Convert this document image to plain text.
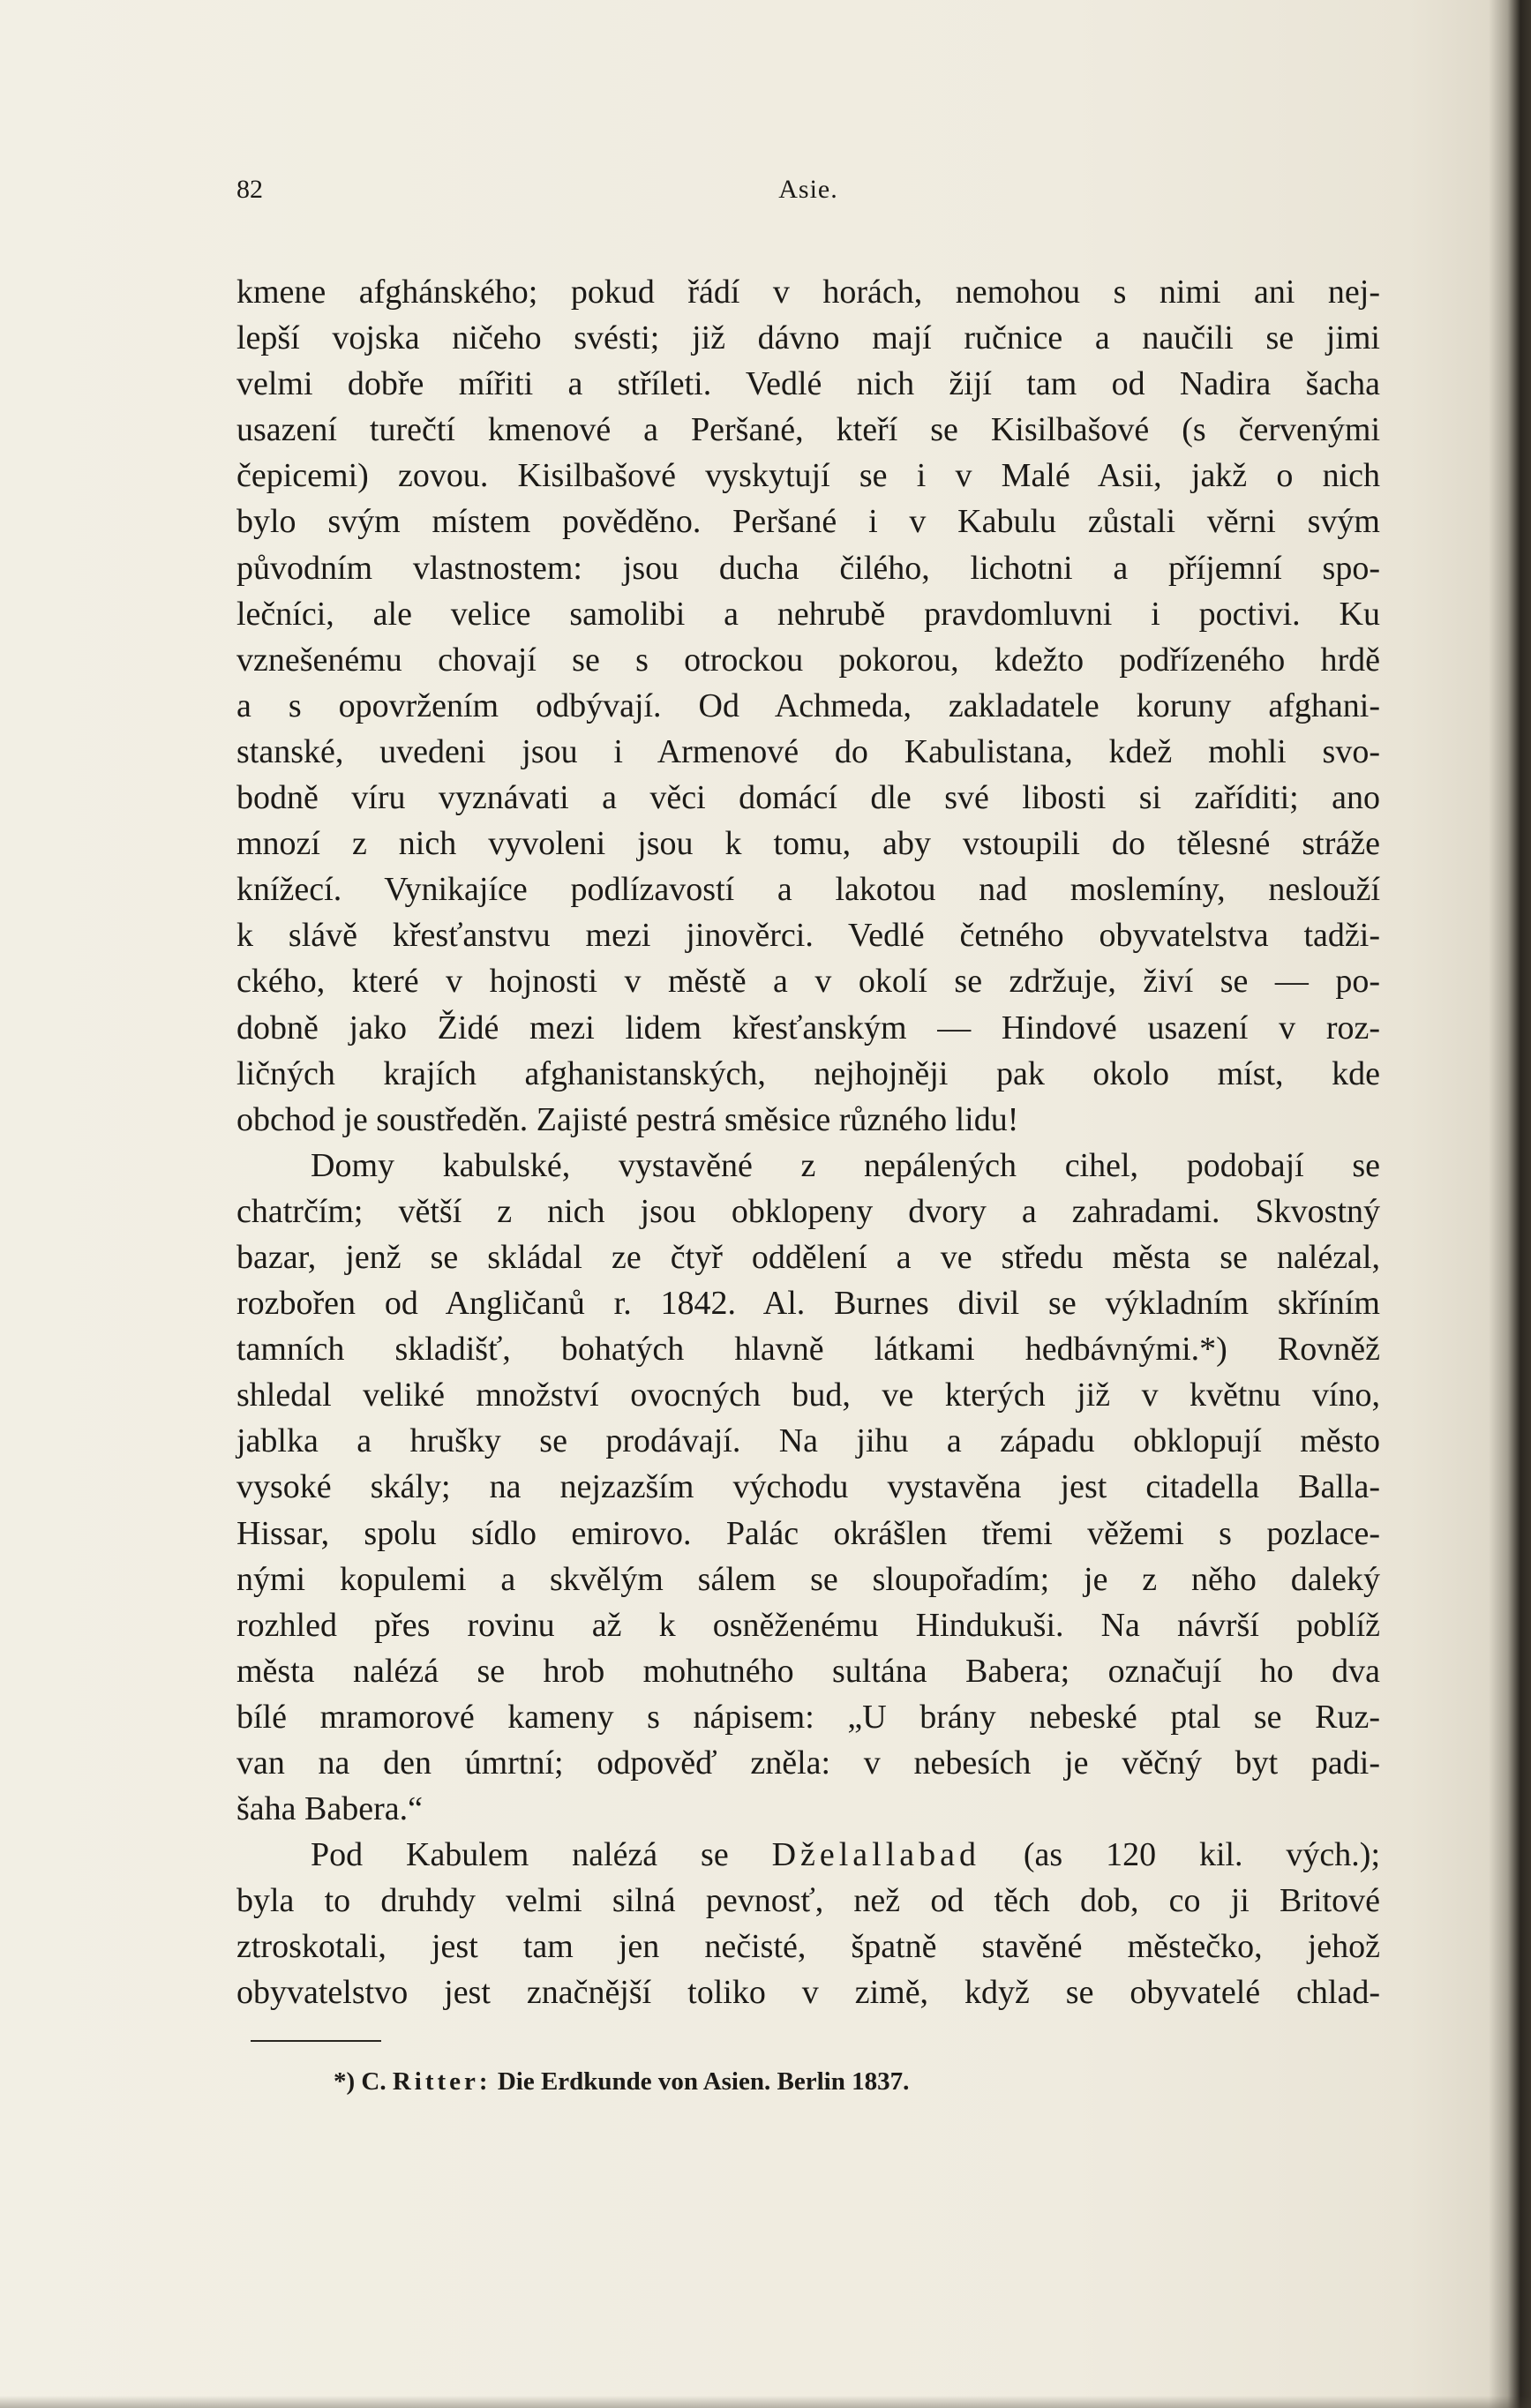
82	Asie.

kmene afghánského; pokud řádí v horách, nemohou s nimi ani nej-
lepší vojska ničeho svésti; již dávno mají ručnice a naučili se jimi
velmi dobře mířiti a stříleti. Vedlé nich žijí tam od Nadira šacha
usazení turečtí kmenové a Peršané, kteří se Kisilbašové (s červenými
čepicemi) zovou. Kisilbašové vyskytují se i v Malé Asii, jakž o nich
bylo svým místem pověděno. Peršané i v Kabulu zůstali věrni svým
původním vlastnostem: jsou ducha čilého, lichotni a příjemní spo-
lečníci, ale velice samolibi a nehrubě pravdomluvni i poctivi. Ku
vznešenému chovají se s otrockou pokorou, kdežto podřízeného hrdě
a s opovržením odbývají. Od Achmeda, zakladatele koruny afghani-
stanské, uvedeni jsou i Armenové do Kabulistana, kdež mohli svo-
bodně víru vyznávati a věci domácí dle své libosti si zaříditi; ano
mnozí z nich vyvoleni jsou k tomu, aby vstoupili do tělesné stráže
knížecí. Vynikajíce podlízavostí a lakotou nad moslemíny, neslouží
k slávě křesťanstvu mezi jinověrci. Vedlé četného obyvatelstva tadži-
ckého, které v hojnosti v městě a v okolí se zdržuje, živí se — po-
dobně jako Židé mezi lidem křesťanským — Hindové usazení v roz-
ličných krajích afghanistanských, nejhojněji pak okolo míst, kde
obchod je soustředěn. Zajisté pestrá směsice různého lidu!

Domy kabulské, vystavěné z nepálených cihel, podobají se
chatrčím; větší z nich jsou obklopeny dvory a zahradami. Skvostný
bazar, jenž se skládal ze čtyř oddělení a ve středu města se nalézal,
rozbořen od Angličanů r. 1842. Al. Burnes divil se výkladním skříním
tamních skladišť, bohatých hlavně látkami hedbávnými.*) Rovněž
shledal veliké množství ovocných bud, ve kterých již v květnu víno,
jablka a hrušky se prodávají. Na jihu a západu obklopují město
vysoké skály; na nejzazším východu vystavěna jest citadella Balla-
Hissar, spolu sídlo emirovo. Palác okrášlen třemi věžemi s pozlace-
nými kopulemi a skvělým sálem se sloupořadím; je z něho daleký
rozhled přes rovinu až k osněženému Hindukuši. Na návrší poblíž
města nalézá se hrob mohutného sultána Babera; označují ho dva
bílé mramorové kameny s nápisem: „U brány nebeské ptal se Ruz-
van na den úmrtní; odpověď zněla: v nebesích je věčný byt padi-
šaha Babera.“

Pod Kabulem nalézá se Dželallabad (as 120 kil. vých.);
byla to druhdy velmi silná pevnosť, než od těch dob, co ji Britové
ztroskotali, jest tam jen nečisté, špatně stavěné městečko, jehož
obyvatelstvo jest značnější toliko v zimě, když se obyvatelé chlad-

*) C. Ritter: Die Erdkunde von Asien. Berlin 1837.
